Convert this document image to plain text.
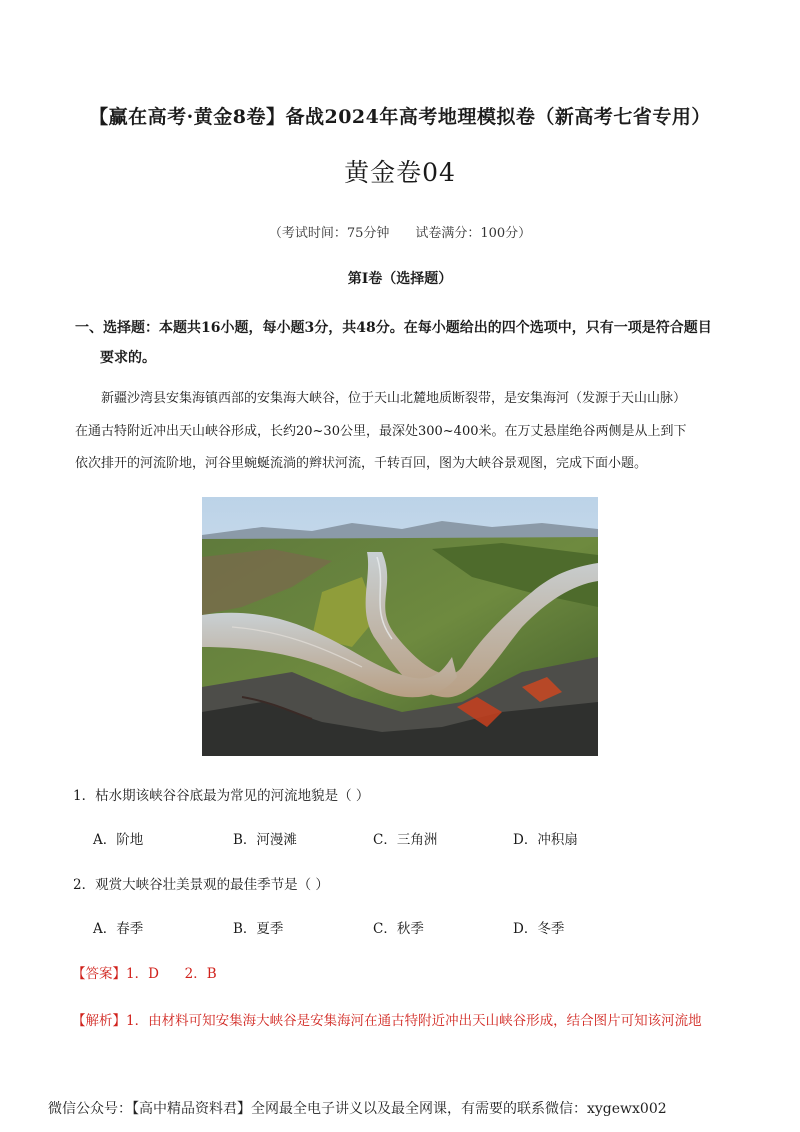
【赢在高考·黄金8卷】备战2024年高考地理模拟卷（新高考七省专用）
黄金卷04
（考试时间：75分钟 试卷满分：100分）
第Ⅰ卷（选择题）
一、选择题：本题共16小题，每小题3分，共48分。在每小题给出的四个选项中，只有一项是符合题目
要求的。
新疆沙湾县安集海镇西部的安集海大峡谷，位于天山北麓地质断裂带，是安集海河（发源于天山山脉）
在通古特附近冲出天山峡谷形成，长约20~30公里，最深处300~400米。在万丈悬崖绝谷两侧是从上到下
依次排开的河流阶地，河谷里蜿蜒流淌的辫状河流，千转百回，图为大峡谷景观图，完成下面小题。
1．枯水期该峡谷谷底最为常见的河流地貌是（ ）
A．阶地	B．河漫滩	C．三角洲	D．冲积扇
2．观赏大峡谷壮美景观的最佳季节是（ ）
A．春季	B．夏季	C．秋季	D．冬季
【答案】1．D      2．B
【解析】1．由材料可知安集海大峡谷是安集海河在通古特附近冲出天山峡谷形成，结合图片可知该河流地
微信公众号：【高中精品资料君】全网最全电子讲义以及最全网课，有需要的联系微信：xygewx002
